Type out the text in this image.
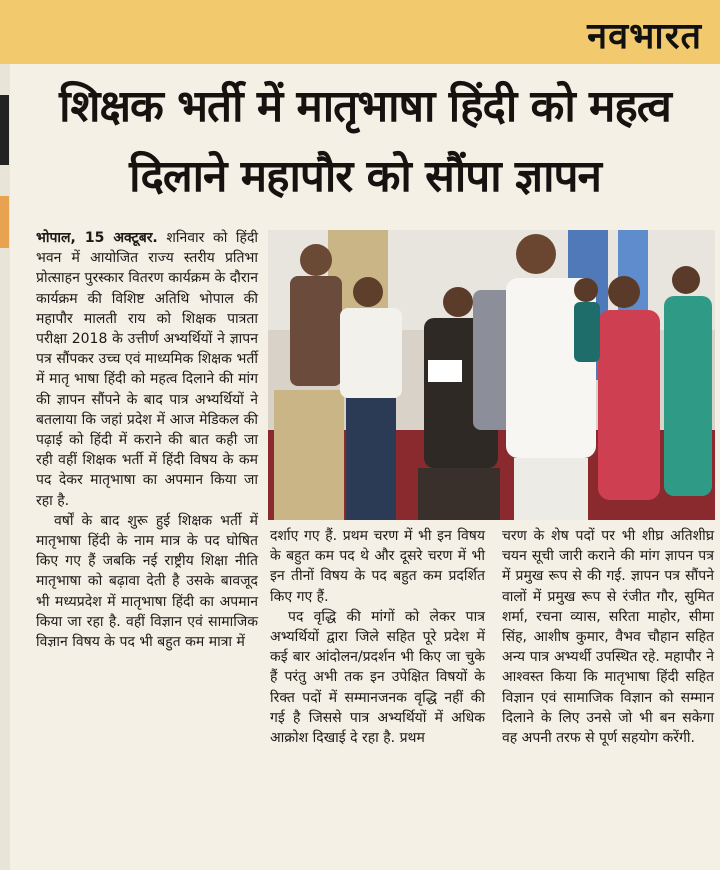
नवभारत
शिक्षक भर्ती में मातृभाषा हिंदी को महत्व
दिलाने महापौर को सौंपा ज्ञापन

भोपाल, 15 अक्टूबर. शनिवार को हिंदी भवन में आयोजित राज्य स्तरीय प्रतिभा प्रोत्साहन पुरस्कार वितरण कार्यक्रम के दौरान कार्यक्रम की विशिष्ट अतिथि भोपाल की महापौर मालती राय को शिक्षक पात्रता परीक्षा 2018 के उत्तीर्ण अभ्यर्थियों ने ज्ञापन पत्र सौंपकर उच्च एवं माध्यमिक शिक्षक भर्ती में मातृ भाषा हिंदी को महत्व दिलाने की मांग की ज्ञापन सौंपने के बाद पात्र अभ्यर्थियों ने बतलाया कि जहां प्रदेश में आज मेडिकल की पढ़ाई को हिंदी में कराने की बात कही जा रही वहीं शिक्षक भर्ती में हिंदी विषय के कम पद देकर मातृभाषा का अपमान किया जा रहा है.

वर्षों के बाद शुरू हुई शिक्षक भर्ती में मातृभाषा हिंदी के नाम मात्र के पद घोषित किए गए हैं जबकि नई राष्ट्रीय शिक्षा नीति मातृभाषा को बढ़ावा देती है उसके बावजूद भी मध्यप्रदेश में मातृभाषा हिंदी का अपमान किया जा रहा है. वहीं विज्ञान एवं सामाजिक विज्ञान विषय के पद भी बहुत कम मात्रा में

दर्शाए गए हैं. प्रथम चरण में भी इन विषय के बहुत कम पद थे और दूसरे चरण में भी इन तीनों विषय के पद बहुत कम प्रदर्शित किए गए हैं.

पद वृद्धि की मांगों को लेकर पात्र अभ्यर्थियों द्वारा जिले सहित पूरे प्रदेश में कई बार आंदोलन/प्रदर्शन भी किए जा चुके हैं परंतु अभी तक इन उपेक्षित विषयों के रिक्त पदों में सम्मानजनक वृद्धि नहीं की गई है जिससे पात्र अभ्यर्थियों में अधिक आक्रोश दिखाई दे रहा है. प्रथम

चरण के शेष पदों पर भी शीघ्र अतिशीघ्र चयन सूची जारी कराने की मांग ज्ञापन पत्र में प्रमुख रूप से की गई. ज्ञापन पत्र सौंपने वालों में प्रमुख रूप से रंजीत गौर, सुमित शर्मा, रचना व्यास, सरिता माहोर, सीमा सिंह, आशीष कुमार, वैभव चौहान सहित अन्य पात्र अभ्यर्थी उपस्थित रहे. महापौर ने आश्वस्त किया कि मातृभाषा हिंदी सहित विज्ञान एवं सामाजिक विज्ञान को सम्मान दिलाने के लिए उनसे जो भी बन सकेगा वह अपनी तरफ से पूर्ण सहयोग करेंगी.
